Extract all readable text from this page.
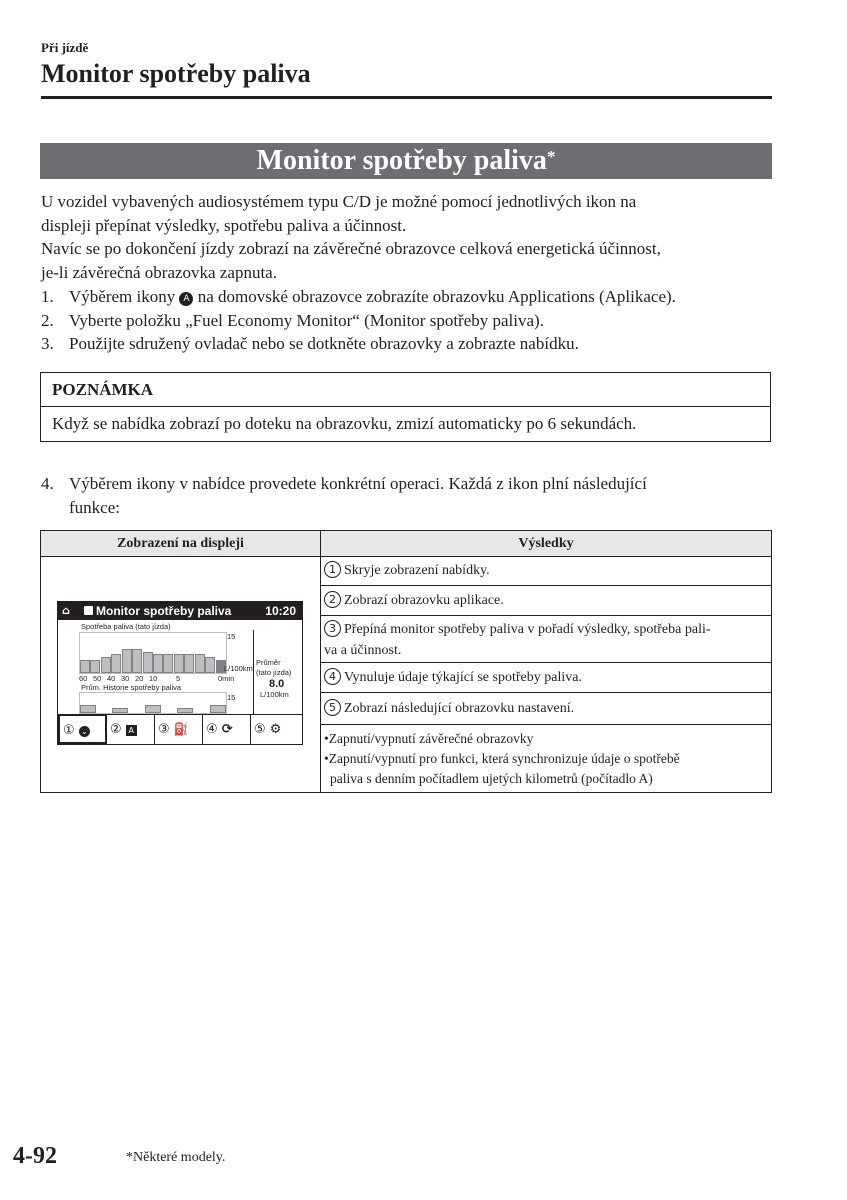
Při jízdě
Monitor spotřeby paliva
Monitor spotřeby paliva*
U vozidel vybavených audiosystémem typu C/D je možné pomocí jednotlivých ikon na
displeji přepínat výsledky, spotřebu paliva a účinnost.
Navíc se po dokončení jízdy zobrazí na závěrečné obrazovce celková energetická účinnost,
je-li závěrečná obrazovka zapnuta.
1. Výběrem ikony A na domovské obrazovce zobrazíte obrazovku Applications (Aplikace).
2. Vyberte položku „Fuel Economy Monitor“ (Monitor spotřeby paliva).
3. Použijte sdružený ovladač nebo se dotkněte obrazovky a zobrazte nabídku.
POZNÁMKA
Když se nabídka zobrazí po doteku na obrazovku, zmizí automaticky po 6 sekundách.
4. Výběrem ikony v nabídce provedete konkrétní operaci. Každá z ikon plní následující
funkce:
Zobrazení na displeji	Výsledky
1 Skryje zobrazení nabídky.
2 Zobrazí obrazovku aplikace.
3 Přepíná monitor spotřeby paliva v pořadí výsledky, spotřeba pali-
va a účinnost.
4 Vynuluje údaje týkající se spotřeby paliva.
5 Zobrazí následující obrazovku nastavení.
•Zapnutí/vypnutí závěrečné obrazovky
•Zapnutí/vypnutí pro funkci, která synchronizuje údaje o spotřebě
paliva s denním počítadlem ujetých kilometrů (počítadlo A)
⌂ Monitor spotřeby paliva	10:20
Spotřeba paliva (tato jízda)
15
L/100km
60 50 40 30 20 10 5	0min
Prům. Historie spotřeby paliva
15
Průměr
(tato jízda)
8.0
L/100km
① ⌄	② A	③ ⛽	④ ⟳	⑤ ⚙
4-92	*Některé modely.
